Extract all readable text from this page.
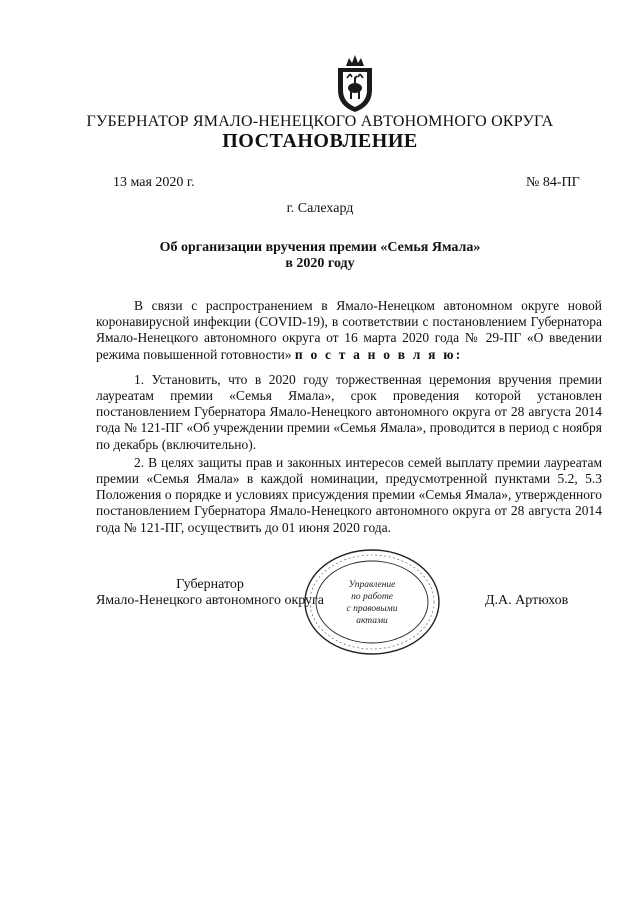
ГУБЕРНАТОР ЯМАЛО-НЕНЕЦКОГО АВТОНОМНОГО ОКРУГА
ПОСТАНОВЛЕНИЕ
13 мая 2020 г.	№ 84-ПГ
г. Салехард
Об организации вручения премии «Семья Ямала»
в 2020 году

В связи с распространением в Ямало-Ненецком автономном округе новой коронавирусной инфекции (COVID-19), в соответствии с постановлением Губернатора Ямало-Ненецкого автономного округа от 16 марта 2020 года № 29-ПГ «О введении режима повышенной готовности» п о с т а н о в л я ю:

1. Установить, что в 2020 году торжественная церемония вручения премии лауреатам премии «Семья Ямала», срок проведения которой установлен постановлением Губернатора Ямало-Ненецкого автономного округа от 28 августа 2014 года № 121-ПГ «Об учреждении премии «Семья Ямала», проводится в период с ноября по декабрь (включительно).

2. В целях защиты прав и законных интересов семей выплату премии лауреатам премии «Семья Ямала» в каждой номинации, предусмотренной пунктами 5.2, 5.3 Положения о порядке и условиях присуждения премии «Семья Ямала», утвержденного постановлением Губернатора Ямало-Ненецкого автономного округа от 28 августа 2014 года № 121-ПГ, осуществить до 01 июня 2020 года.

Губернатор
Ямало-Ненецкого автономного округа	Д.А. Артюхов
Управление
по работе
с правовыми
актами
